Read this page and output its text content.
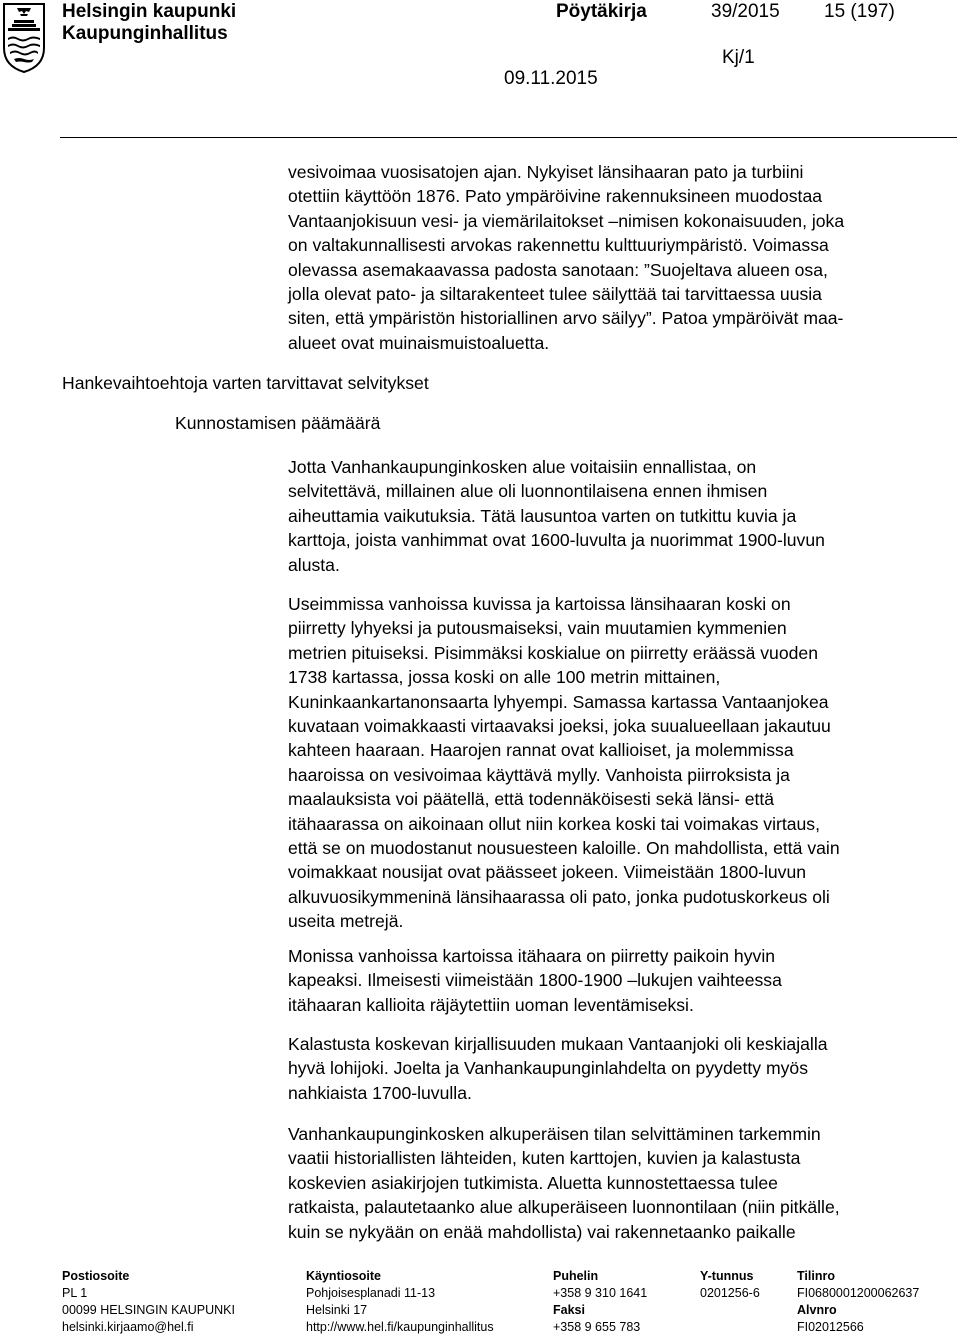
Helsingin kaupunki
Kaupunginhallitus
Pöytäkirja	39/2015 15 (197)
Kj/1
09.11.2015
vesivoimaa vuosisatojen ajan. Nykyiset länsihaaran pato ja turbiini
otettiin käyttöön 1876. Pato ympäröivine rakennuksineen muodostaa
Vantaanjokisuun vesi- ja viemärilaitokset –nimisen kokonaisuuden, joka
on valtakunnallisesti arvokas rakennettu kulttuuriympäristö. Voimassa
olevassa asemakaavassa padosta sanotaan: ”Suojeltava alueen osa,
jolla olevat pato- ja siltarakenteet tulee säilyttää tai tarvittaessa uusia
siten, että ympäristön historiallinen arvo säilyy”. Patoa ympäröivät maa-
alueet ovat muinaismuistoaluetta.
Hankevaihtoehtoja varten tarvittavat selvitykset
Kunnostamisen päämäärä
Jotta Vanhankaupunginkosken alue voitaisiin ennallistaa, on
selvitettävä, millainen alue oli luonnontilaisena ennen ihmisen
aiheuttamia vaikutuksia. Tätä lausuntoa varten on tutkittu kuvia ja
karttoja, joista vanhimmat ovat 1600-luvulta ja nuorimmat 1900-luvun
alusta.
Useimmissa vanhoissa kuvissa ja kartoissa länsihaaran koski on
piirretty lyhyeksi ja putousmaiseksi, vain muutamien kymmenien
metrien pituiseksi. Pisimmäksi koskialue on piirretty eräässä vuoden
1738 kartassa, jossa koski on alle 100 metrin mittainen,
Kuninkaankartanonsaarta lyhyempi. Samassa kartassa Vantaanjokea
kuvataan voimakkaasti virtaavaksi joeksi, joka suualueellaan jakautuu
kahteen haaraan. Haarojen rannat ovat kallioiset, ja molemmissa
haaroissa on vesivoimaa käyttävä mylly. Vanhoista piirroksista ja
maalauksista voi päätellä, että todennäköisesti sekä länsi- että
itähaarassa on aikoinaan ollut niin korkea koski tai voimakas virtaus,
että se on muodostanut nousuesteen kaloille. On mahdollista, että vain
voimakkaat nousijat ovat päässeet jokeen. Viimeistään 1800-luvun
alkuvuosikymmeninä länsihaarassa oli pato, jonka pudotuskorkeus oli
useita metrejä.
Monissa vanhoissa kartoissa itähaara on piirretty paikoin hyvin
kapeaksi. Ilmeisesti viimeistään 1800-1900 –lukujen vaihteessa
itähaaran kallioita räjäytettiin uoman leventämiseksi.
Kalastusta koskevan kirjallisuuden mukaan Vantaanjoki oli keskiajalla
hyvä lohijoki. Joelta ja Vanhankaupunginlahdelta on pyydetty myös
nahkiaista 1700-luvulla.
Vanhankaupunginkosken alkuperäisen tilan selvittäminen tarkemmin
vaatii historiallisten lähteiden, kuten karttojen, kuvien ja kalastusta
koskevien asiakirjojen tutkimista. Aluetta kunnostettaessa tulee
ratkaista, palautetaanko alue alkuperäiseen luonnontilaan (niin pitkälle,
kuin se nykyään on enää mahdollista) vai rakennetaanko paikalle
Postiosoite
PL 1
00099 HELSINGIN KAUPUNKI
helsinki.kirjaamo@hel.fi
Käyntiosoite
Pohjoisesplanadi 11-13
Helsinki 17
http://www.hel.fi/kaupunginhallitus
Puhelin
+358 9 310 1641
Faksi
+358 9 655 783
Y-tunnus
0201256-6
Tilinro
FI0680001200062637
Alvnro
FI02012566
